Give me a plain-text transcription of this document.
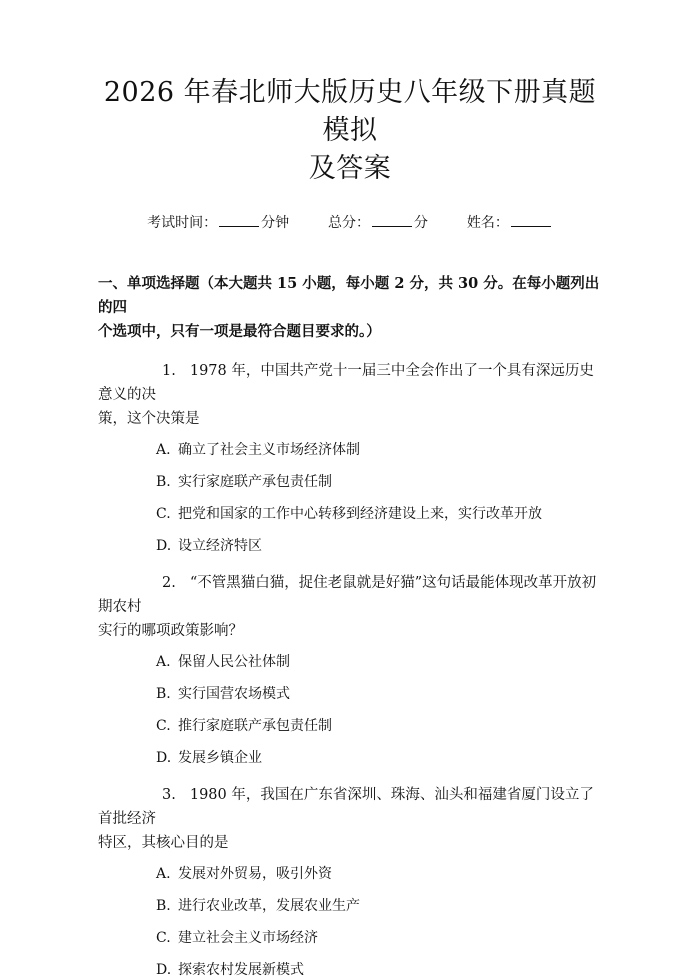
2026 年春北师大版历史八年级下册真题模拟
及答案
考试时间：	分钟	总分：	分	姓名：
一、单项选择题（本大题共 15 小题，每小题 2 分，共 30 分。在每小题列出的四
个选项中，只有一项是最符合题目要求的。）
1. 1978 年，中国共产党十一届三中全会作出了一个具有深远历史意义的决
策，这个决策是
A. 确立了社会主义市场经济体制
B. 实行家庭联产承包责任制
C. 把党和国家的工作中心转移到经济建设上来，实行改革开放
D. 设立经济特区
2. “不管黑猫白猫，捉住老鼠就是好猫”这句话最能体现改革开放初期农村
实行的哪项政策影响？
A. 保留人民公社体制
B. 实行国营农场模式
C. 推行家庭联产承包责任制
D. 发展乡镇企业
3. 1980 年，我国在广东省深圳、珠海、汕头和福建省厦门设立了首批经济
特区，其核心目的是
A. 发展对外贸易，吸引外资
B. 进行农业改革，发展农业生产
C. 建立社会主义市场经济
D. 探索农村发展新模式
